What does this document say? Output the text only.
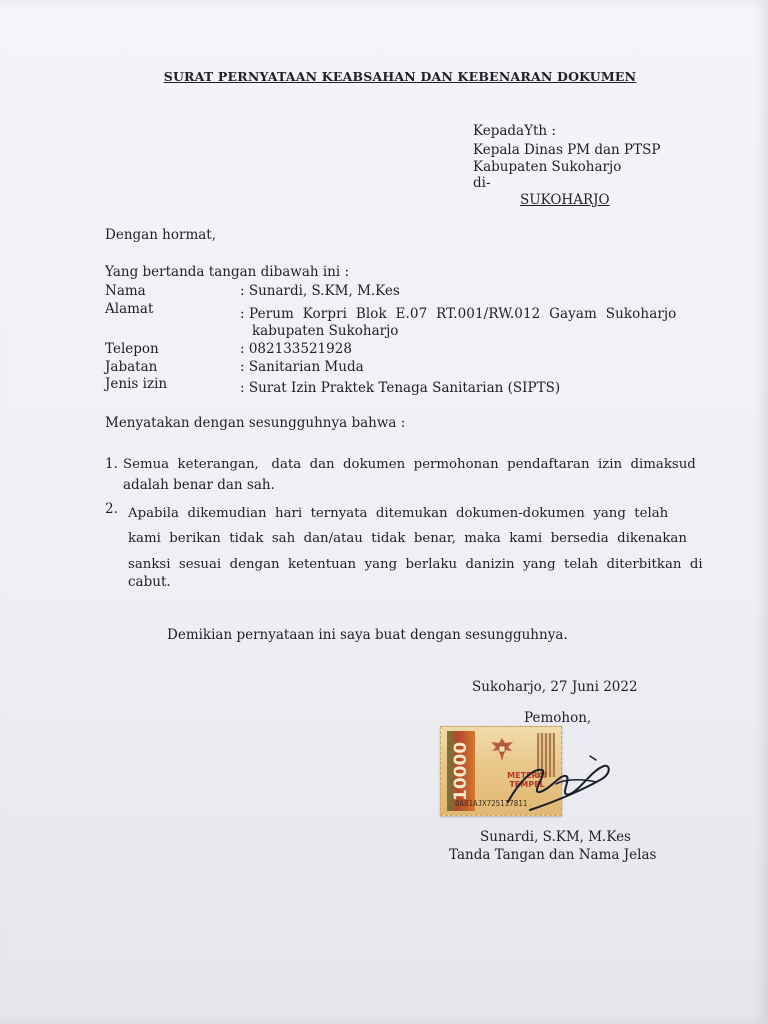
SURAT PERNYATAAN KEABSAHAN DAN KEBENARAN DOKUMEN
KepadaYth :
Kepala Dinas PM dan PTSP
Kabupaten Sukoharjo
di-
SUKOHARJO
Dengan hormat,
Yang bertanda tangan dibawah ini :
Nama	: Sunardi, S.KM, M.Kes
Alamat	: Perum  Korpri  Blok  E.07  RT.001/RW.012  Gayam  Sukoharjo
kabupaten Sukoharjo
Telepon	: 082133521928
Jabatan	: Sanitarian Muda
Jenis izin	: Surat Izin Praktek Tenaga Sanitarian (SIPTS)
Menyatakan dengan sesungguhnya bahwa :
1. Semua  keterangan,   data  dan  dokumen  permohonan  pendaftaran  izin  dimaksud
adalah benar dan sah.
2. Apabila  dikemudian  hari  ternyata  ditemukan  dokumen-dokumen  yang  telah
kami  berikan  tidak  sah  dan/atau  tidak  benar,  maka  kami  bersedia  dikenakan
sanksi  sesuai  dengan  ketentuan  yang  berlaku  danizin  yang  telah  diterbitkan  di
cabut.
Demikian pernyataan ini saya buat dengan sesungguhnya.
Sukoharjo, 27 Juni 2022
Pemohon,
10000	METERAI TEMPEL
0A81AJX725117811
Sunardi, S.KM, M.Kes
Tanda Tangan dan Nama Jelas
